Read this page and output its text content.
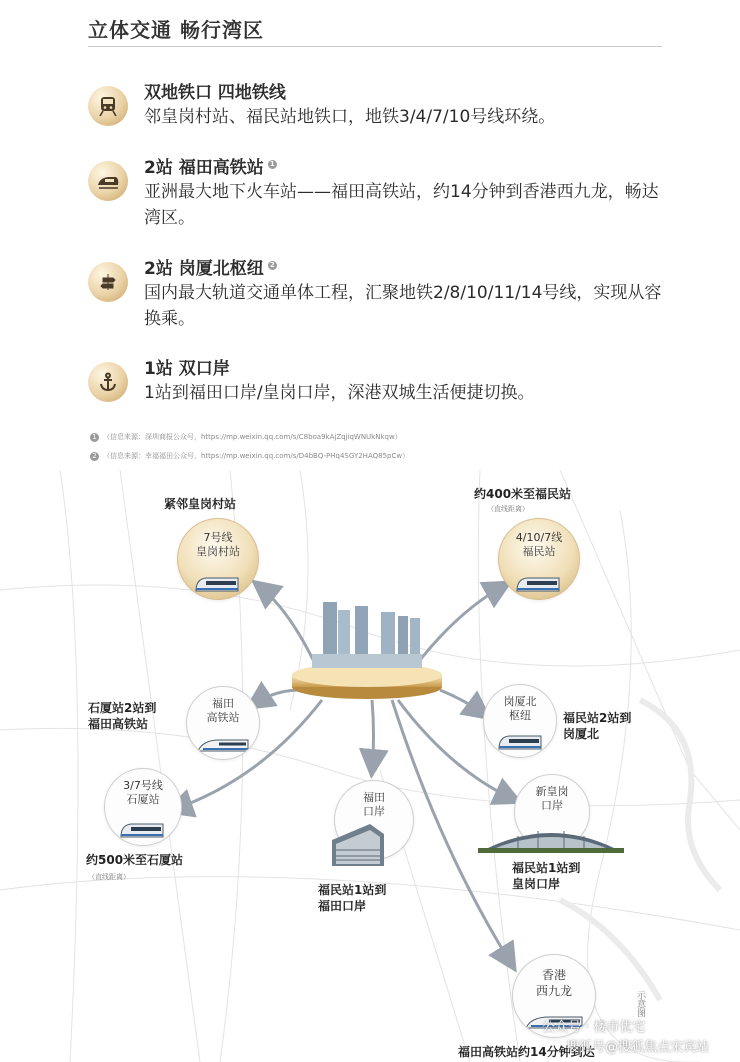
立体交通 畅行湾区
双地铁口 四地铁线
邻皇岗村站、福民站地铁口，地铁3/4/7/10号线环绕。
2站 福田高铁站 1
亚洲最大地下火车站——福田高铁站，约14分钟到香港西九龙，畅达湾区。
2站 岗厦北枢纽 2
国内最大轨道交通单体工程，汇聚地铁2/8/10/11/14号线，实现从容换乘。
1站 双口岸
1站到福田口岸/皇岗口岸，深港双城生活便捷切换。
1 （信息来源：深圳商报公众号，https://mp.weixin.qq.com/s/C8boa9kAjZqjiqWNUkNkqw）
2 （信息来源：幸福福田公众号，https://mp.weixin.qq.com/s/D4bBQ-PHq4SGY2HAQ85pCw）
紧邻皇岗村站
7号线
皇岗村站
约400米至福民站
（直线距离）
4/10/7线
福民站
石厦站2站到
福田高铁站
福田
高铁站
岗厦北
枢纽	福民站2站到
岗厦北
3/7号线
石厦站
约500米至石厦站
（直线距离）
福田
口岸
福民站1站到
福田口岸
新皇岗
口岸
福民站1站到
皇岗口岸
香港
西九龙
福田高铁站约14分钟到达
示意图
公众号 · 楼市优宅
搜狐号@搜狐焦点宋宾站
